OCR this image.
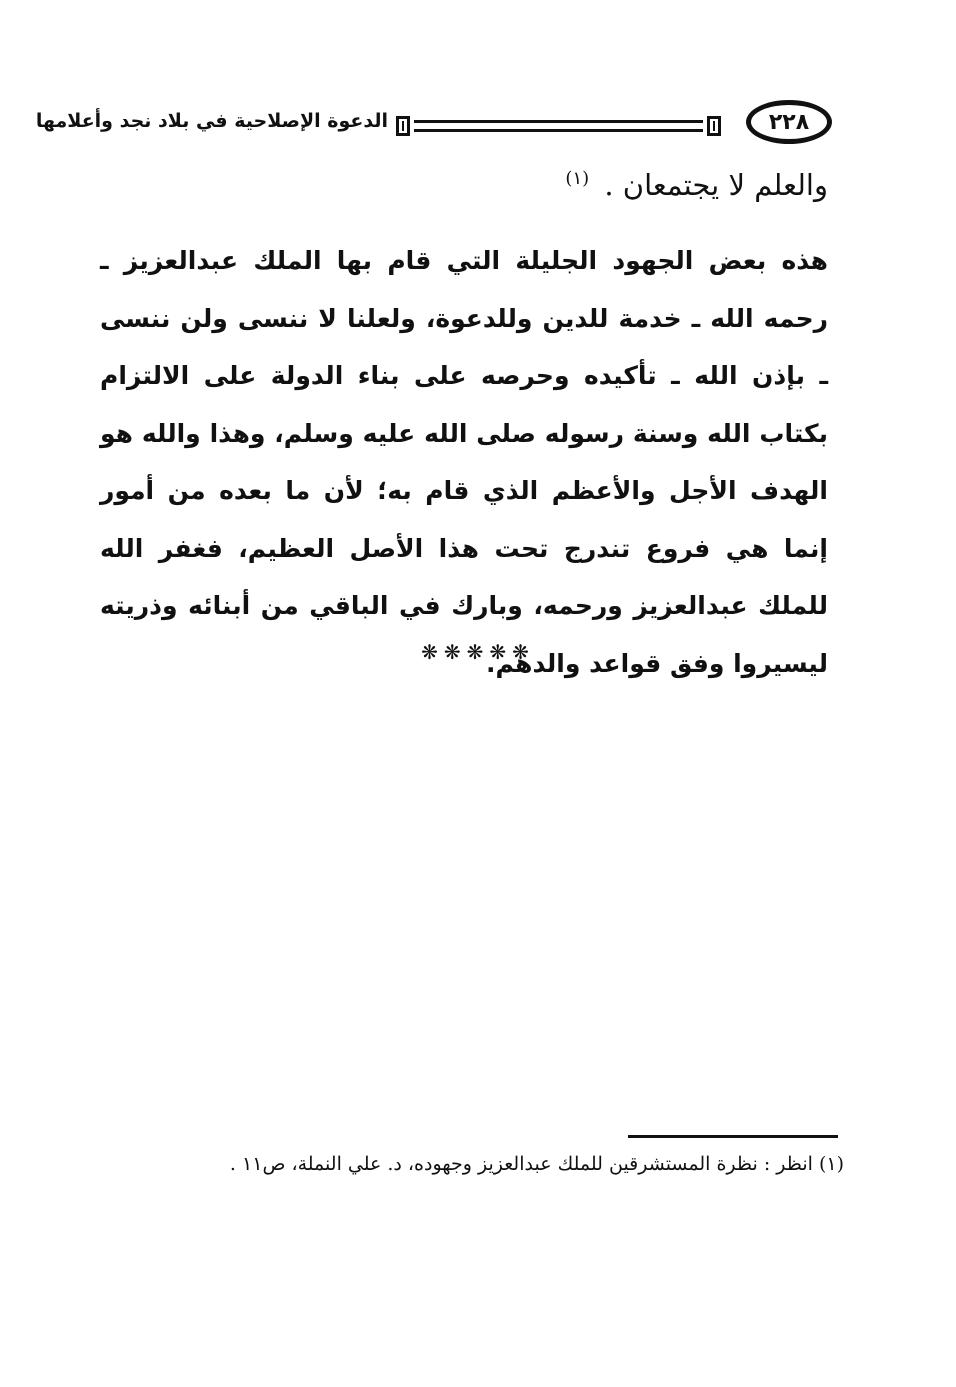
الدعوة الإصلاحية في بلاد نجد وأعلامها	٢٢٨
والعلم لا يجتمعان . $^{(١)}$

هذه بعض الجهود الجليلة التي قام بها الملك عبدالعزيز ـ رحمه الله ـ خدمة للدين وللدعوة، ولعلنا لا ننسى ولن ننسى ـ بإذن الله ـ تأكيده وحرصه على بناء الدولة على الالتزام بكتاب الله وسنة رسوله صلى الله عليه وسلم، وهذا والله هو الهدف الأجل والأعظم الذي قام به؛ لأن ما بعده من أمور إنما هي فروع تندرج تحت هذا الأصل العظيم، فغفر الله للملك عبدالعزيز ورحمه، وبارك في الباقي من أبنائه وذريته ليسيروا وفق قواعد والدهم.

❋❋❋❋❋
(١) انظر : نظرة المستشرقين للملك عبدالعزيز وجهوده، د. علي النملة، ص١١ .
